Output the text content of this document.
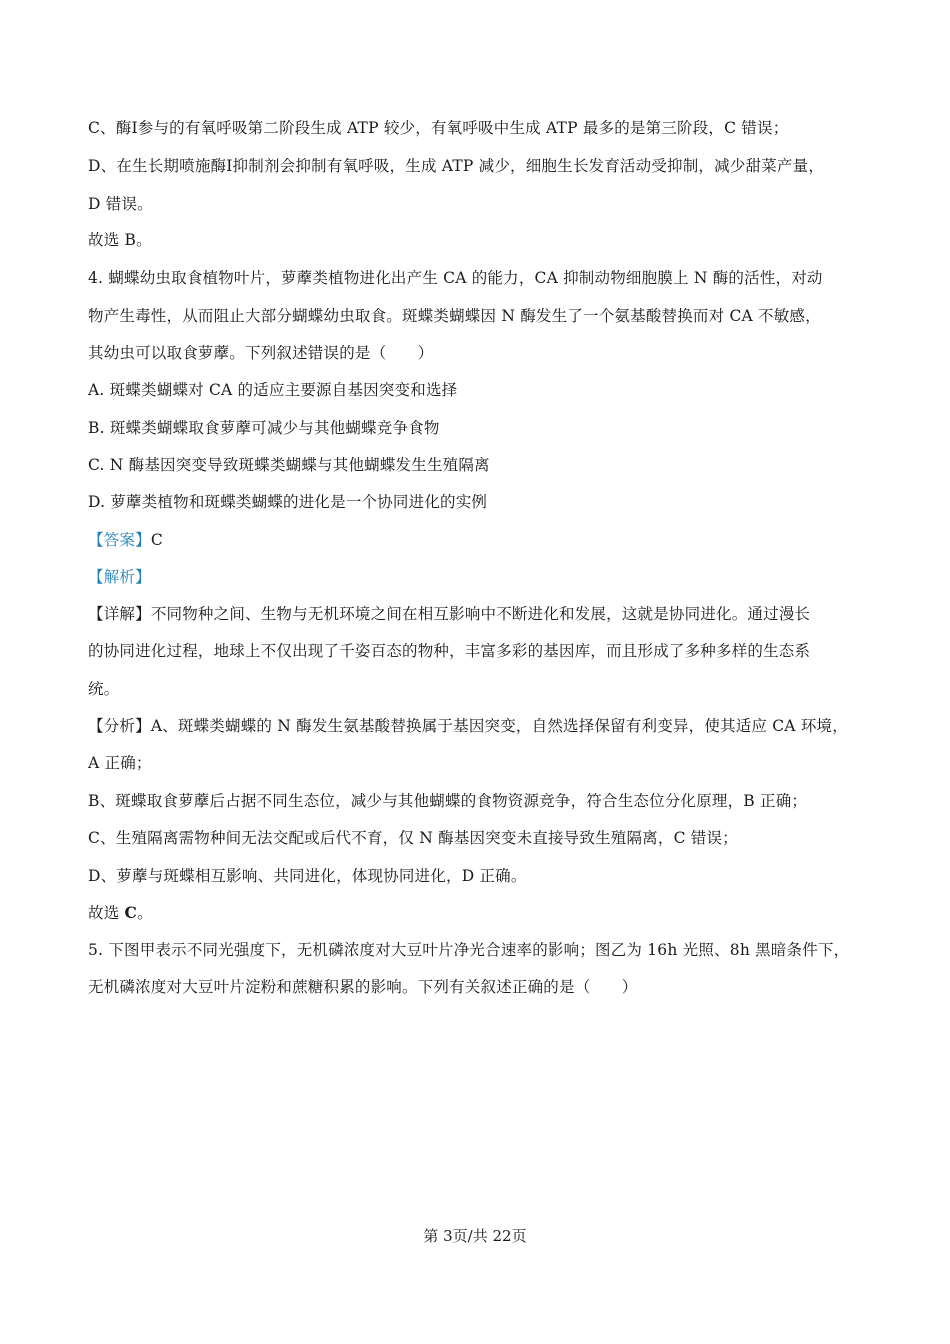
C、酶Ⅰ参与的有氧呼吸第二阶段生成 ATP 较少，有氧呼吸中生成 ATP 最多的是第三阶段，C 错误；
D、在生长期喷施酶Ⅰ抑制剂会抑制有氧呼吸，生成 ATP 减少，细胞生长发育活动受抑制，减少甜菜产量，
D 错误。
故选 B。
4. 蝴蝶幼虫取食植物叶片，萝藦类植物进化出产生 CA 的能力，CA 抑制动物细胞膜上 N 酶的活性，对动
物产生毒性，从而阻止大部分蝴蝶幼虫取食。斑蝶类蝴蝶因 N 酶发生了一个氨基酸替换而对 CA 不敏感，
其幼虫可以取食萝藦。下列叙述错误的是（　　）
A. 斑蝶类蝴蝶对 CA 的适应主要源自基因突变和选择
B. 斑蝶类蝴蝶取食萝藦可减少与其他蝴蝶竞争食物
C. N 酶基因突变导致斑蝶类蝴蝶与其他蝴蝶发生生殖隔离
D. 萝藦类植物和斑蝶类蝴蝶的进化是一个协同进化的实例
【答案】C
【解析】
【详解】不同物种之间、生物与无机环境之间在相互影响中不断进化和发展，这就是协同进化。通过漫长
的协同进化过程，地球上不仅出现了千姿百态的物种，丰富多彩的基因库，而且形成了多种多样的生态系
统。
【分析】A、斑蝶类蝴蝶的 N 酶发生氨基酸替换属于基因突变，自然选择保留有利变异，使其适应 CA 环境，
A 正确；
B、斑蝶取食萝藦后占据不同生态位，减少与其他蝴蝶的食物资源竞争，符合生态位分化原理，B 正确；
C、生殖隔离需物种间无法交配或后代不育，仅 N 酶基因突变未直接导致生殖隔离，C 错误；
D、萝藦与斑蝶相互影响、共同进化，体现协同进化，D 正确。
故选 C。
5. 下图甲表示不同光强度下，无机磷浓度对大豆叶片净光合速率的影响；图乙为 16h 光照、8h 黑暗条件下，
无机磷浓度对大豆叶片淀粉和蔗糖积累的影响。下列有关叙述正确的是（　　）
第 3页/共 22页
